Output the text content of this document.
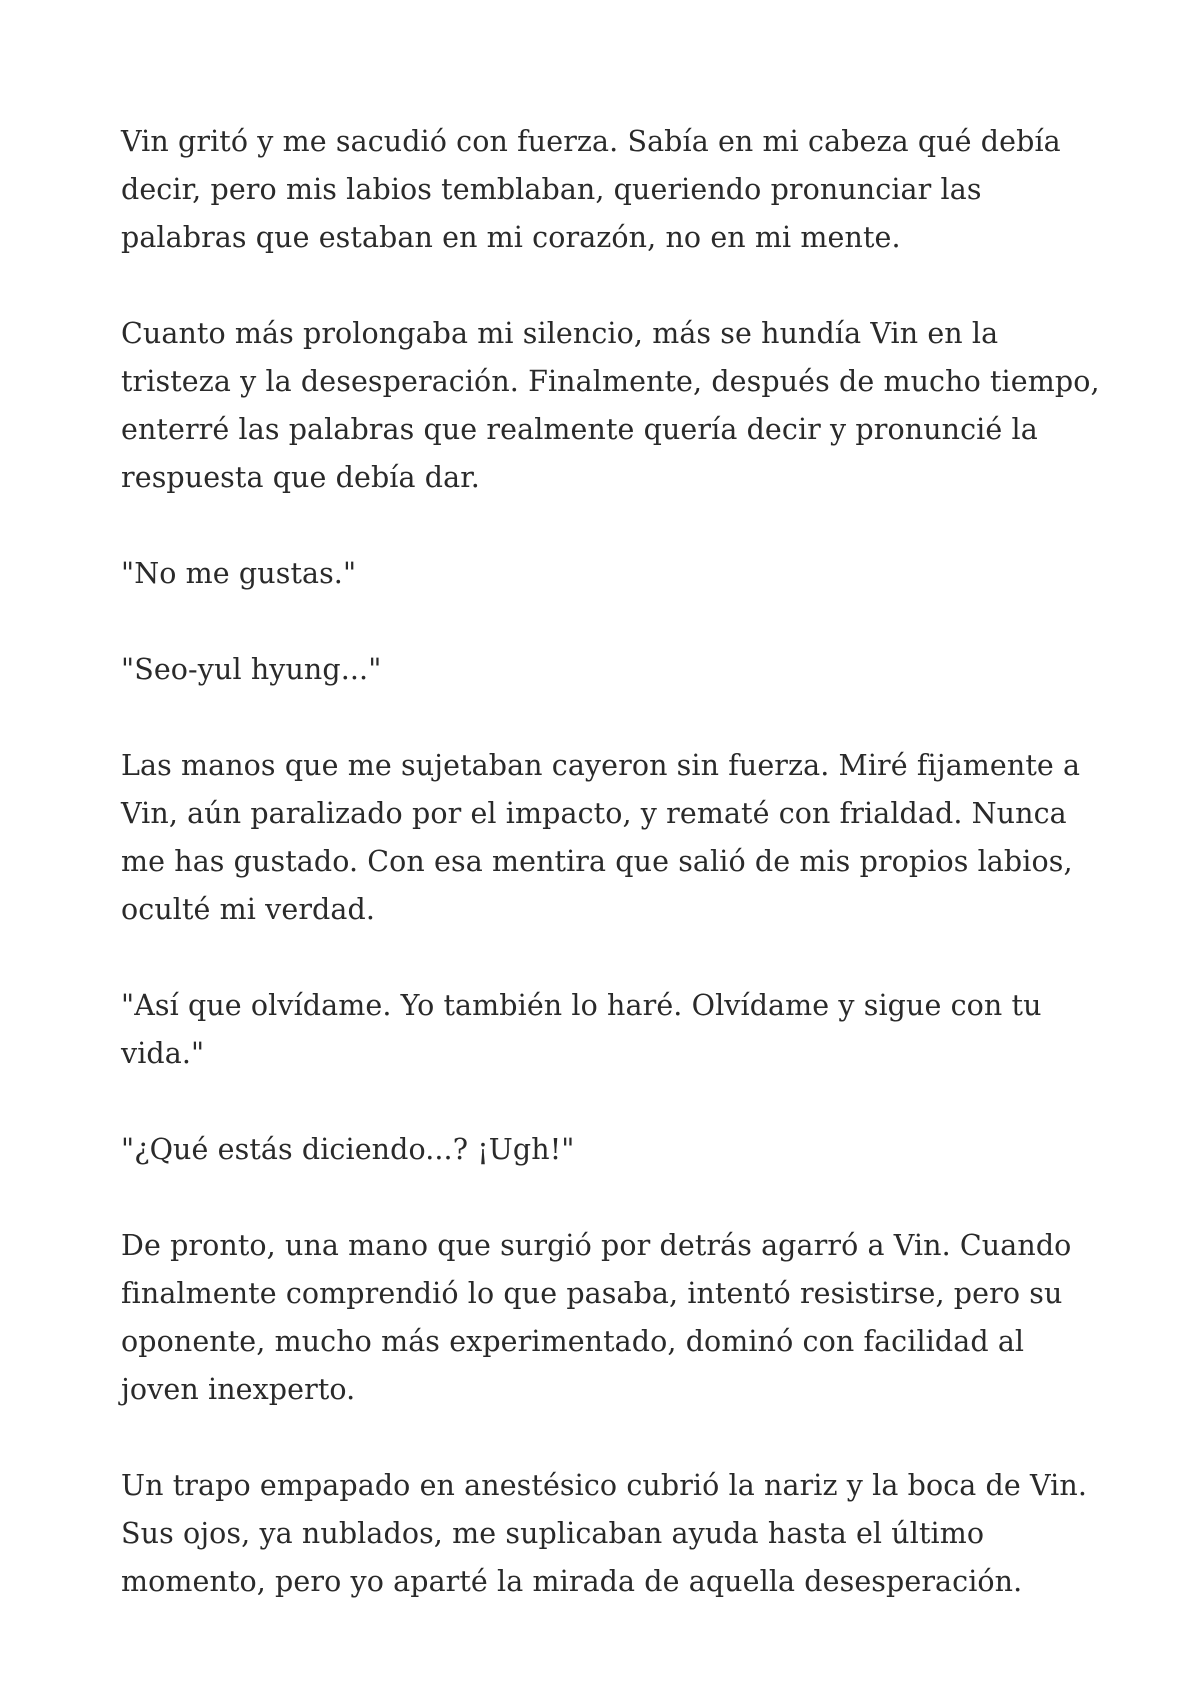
Vin gritó y me sacudió con fuerza. Sabía en mi cabeza qué debía decir, pero mis labios temblaban, queriendo pronunciar las palabras que estaban en mi corazón, no en mi mente.

Cuanto más prolongaba mi silencio, más se hundía Vin en la tristeza y la desesperación. Finalmente, después de mucho tiempo, enterré las palabras que realmente quería decir y pronuncié la respuesta que debía dar.

"No me gustas."

"Seo-yul hyung..."

Las manos que me sujetaban cayeron sin fuerza. Miré fijamente a Vin, aún paralizado por el impacto, y rematé con frialdad. Nunca me has gustado. Con esa mentira que salió de mis propios labios, oculté mi verdad.

"Así que olvídame. Yo también lo haré. Olvídame y sigue con tu vida."

"¿Qué estás diciendo...? ¡Ugh!"

De pronto, una mano que surgió por detrás agarró a Vin. Cuando finalmente comprendió lo que pasaba, intentó resistirse, pero su oponente, mucho más experimentado, dominó con facilidad al joven inexperto.

Un trapo empapado en anestésico cubrió la nariz y la boca de Vin. Sus ojos, ya nublados, me suplicaban ayuda hasta el último momento, pero yo aparté la mirada de aquella desesperación.
